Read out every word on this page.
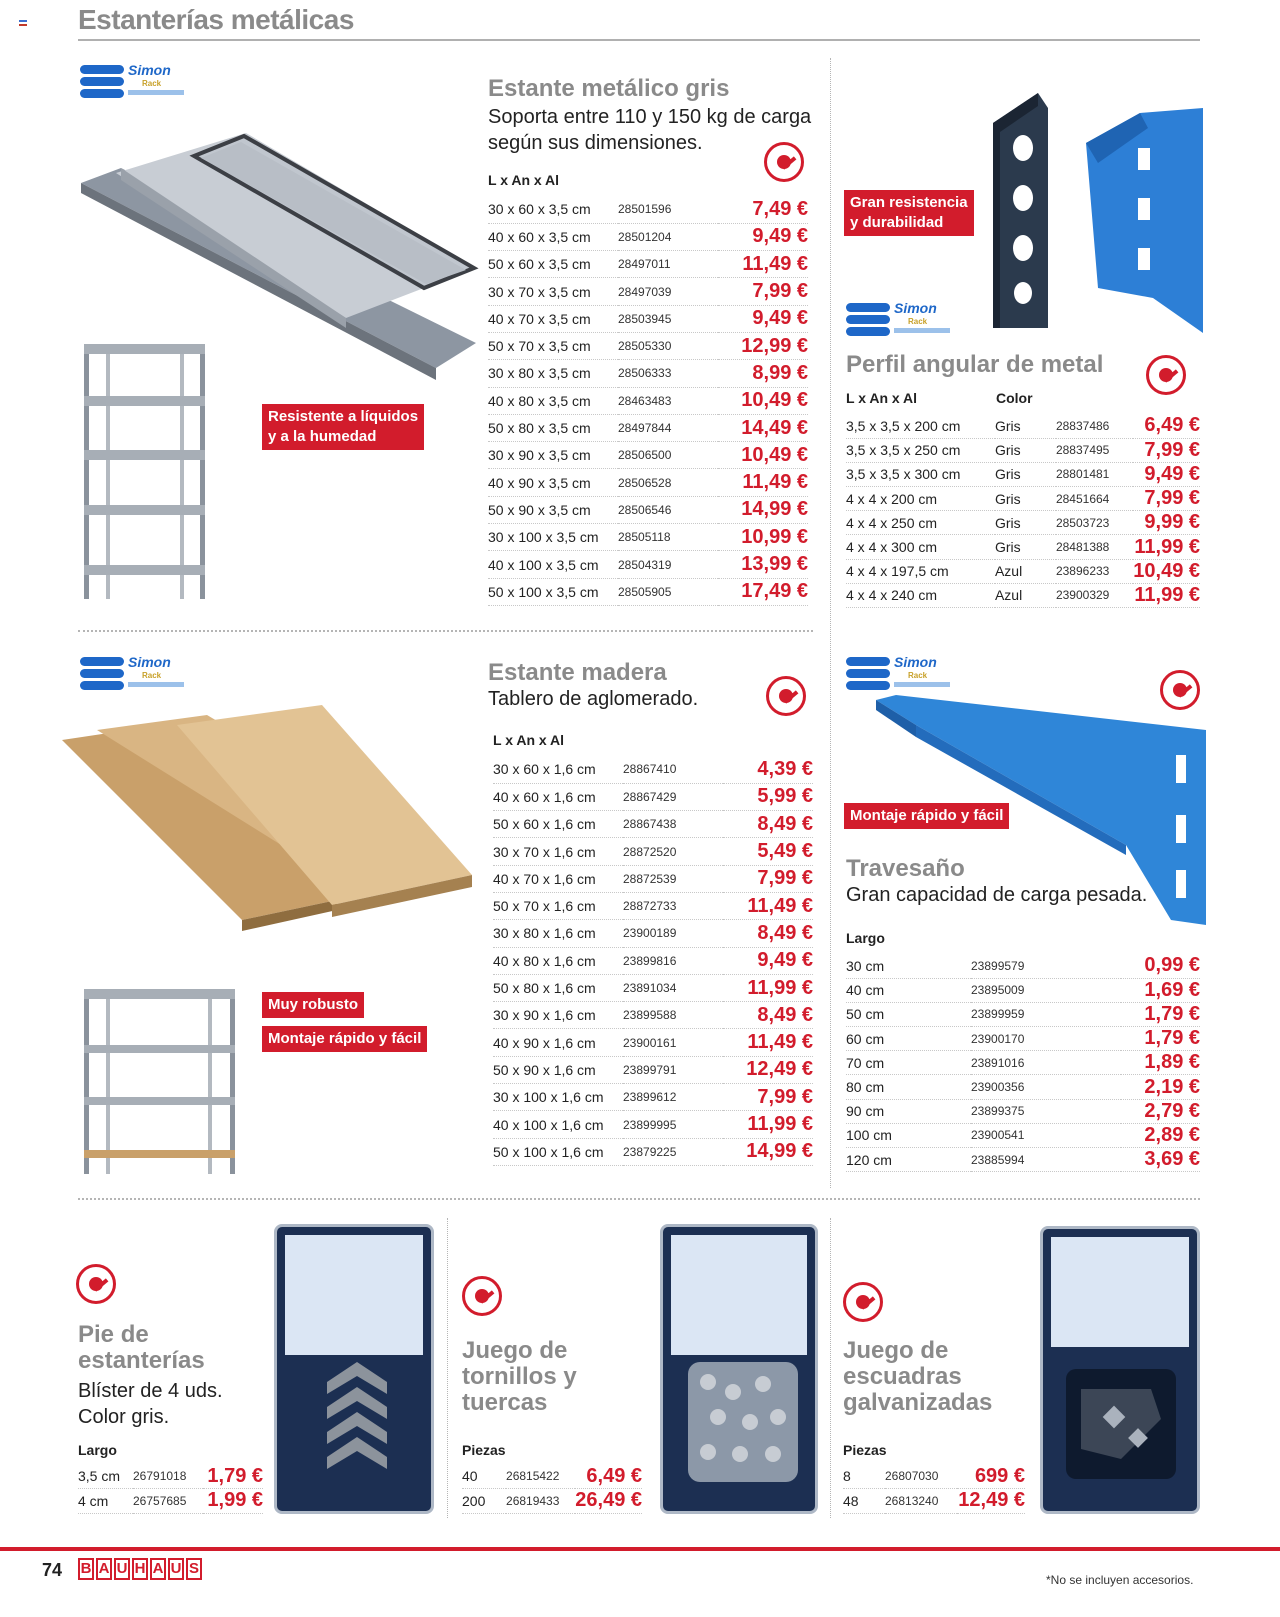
Estanterías metálicas
Simon
Rack
Resistente a líquidos
y a la humedad
Estante metálico gris
Soporta entre 110 y 150 kg de carga
según sus dimensiones.
L x An x Al
30 x 60 x 3,5 cm	28501596	7,49 €
40 x 60 x 3,5 cm	28501204	9,49 €
50 x 60 x 3,5 cm	28497011	11,49 €
30 x 70 x 3,5 cm	28497039	7,99 €
40 x 70 x 3,5 cm	28503945	9,49 €
50 x 70 x 3,5 cm	28505330	12,99 €
30 x 80 x 3,5 cm	28506333	8,99 €
40 x 80 x 3,5 cm	28463483	10,49 €
50 x 80 x 3,5 cm	28497844	14,49 €
30 x 90 x 3,5 cm	28506500	10,49 €
40 x 90 x 3,5 cm	28506528	11,49 €
50 x 90 x 3,5 cm	28506546	14,99 €
30 x 100 x 3,5 cm	28505118	10,99 €
40 x 100 x 3,5 cm	28504319	13,99 €
50 x 100 x 3,5 cm	28505905	17,49 €
Gran resistencia
y durabilidad
Simon
Rack
Perfil angular de metal
L x An x Al	Color
3,5 x 3,5 x 200 cm	Gris	28837486	6,49 €
3,5 x 3,5 x 250 cm	Gris	28837495	7,99 €
3,5 x 3,5 x 300 cm	Gris	28801481	9,49 €
4 x 4 x 200 cm	Gris	28451664	7,99 €
4 x 4 x 250 cm	Gris	28503723	9,99 €
4 x 4 x 300 cm	Gris	28481388	11,99 €
4 x 4 x 197,5 cm	Azul	23896233	10,49 €
4 x 4 x 240 cm	Azul	23900329	11,99 €
Simon
Rack
Muy robusto
Montaje rápido y fácil
Estante madera
Tablero de aglomerado.
L x An x Al
30 x 60 x 1,6 cm	28867410	4,39 €
40 x 60 x 1,6 cm	28867429	5,99 €
50 x 60 x 1,6 cm	28867438	8,49 €
30 x 70 x 1,6 cm	28872520	5,49 €
40 x 70 x 1,6 cm	28872539	7,99 €
50 x 70 x 1,6 cm	28872733	11,49 €
30 x 80 x 1,6 cm	23900189	8,49 €
40 x 80 x 1,6 cm	23899816	9,49 €
50 x 80 x 1,6 cm	23891034	11,99 €
30 x 90 x 1,6 cm	23899588	8,49 €
40 x 90 x 1,6 cm	23900161	11,49 €
50 x 90 x 1,6 cm	23899791	12,49 €
30 x 100 x 1,6 cm	23899612	7,99 €
40 x 100 x 1,6 cm	23899995	11,99 €
50 x 100 x 1,6 cm	23879225	14,99 €
Simon
Rack
Montaje rápido y fácil
Travesaño
Gran capacidad de carga pesada.
Largo
30 cm	23899579	0,99 €
40 cm	23895009	1,69 €
50 cm	23899959	1,79 €
60 cm	23900170	1,79 €
70 cm	23891016	1,89 €
80 cm	23900356	2,19 €
90 cm	23899375	2,79 €
100 cm	23900541	2,89 €
120 cm	23885994	3,69 €
Pie de
estanterías
Blíster de 4 uds.
Color gris.
Largo
3,5 cm	26791018	1,79 €
4 cm	26757685	1,99 €
Juego de
tornillos y
tuercas
Piezas
40	26815422	6,49 €
200	26819433	26,49 €
Juego de
escuadras
galvanizadas
Piezas
8	26807030	699 €
48	26813240	12,49 €
74 B A U H A U S
*No se incluyen accesorios.
